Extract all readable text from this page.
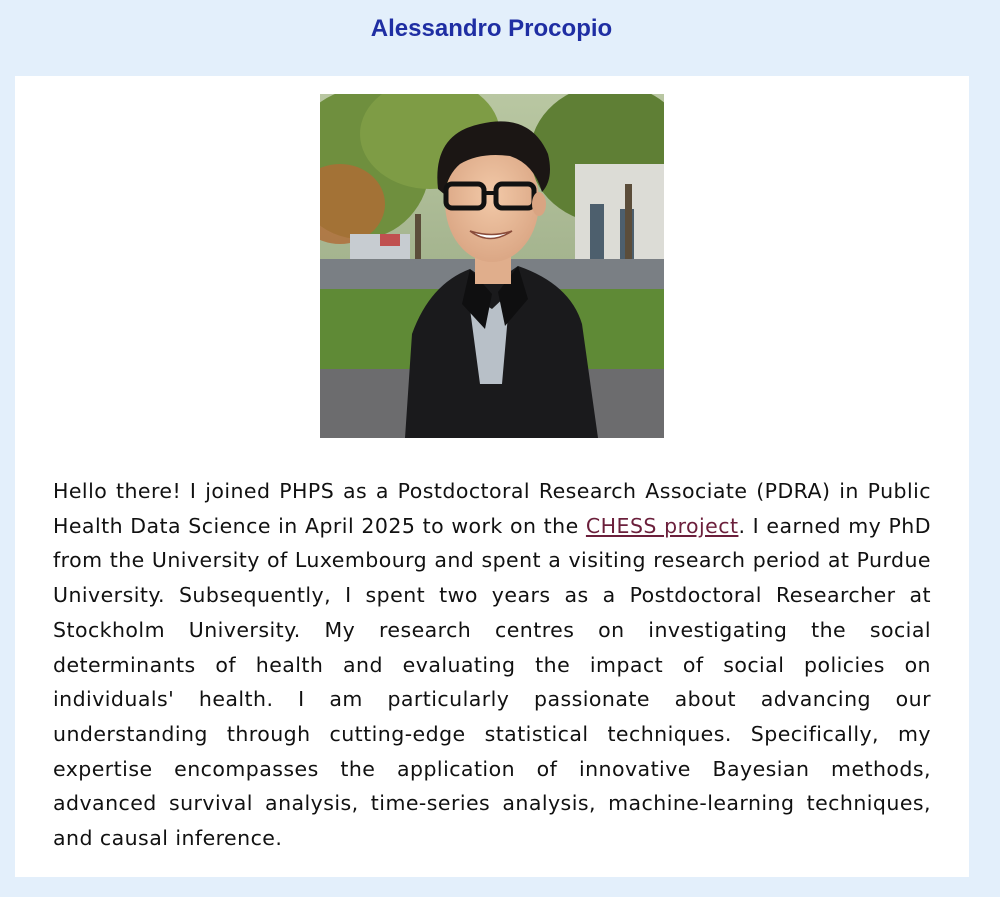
Alessandro Procopio

Hello there! I joined PHPS as a Postdoctoral Research Associate (PDRA) in Public Health Data Science in April 2025 to work on the CHESS project. I earned my PhD from the University of Luxembourg and spent a visiting research period at Purdue University. Subsequently, I spent two years as a Postdoctoral Researcher at Stockholm University. My research centres on investigating the social determinants of health and evaluating the impact of social policies on individuals' health. I am particularly passionate about advancing our understanding through cutting-edge statistical techniques. Specifically, my expertise encompasses the application of innovative Bayesian methods, advanced survival analysis, time-series analysis, machine-learning techniques, and causal inference.
